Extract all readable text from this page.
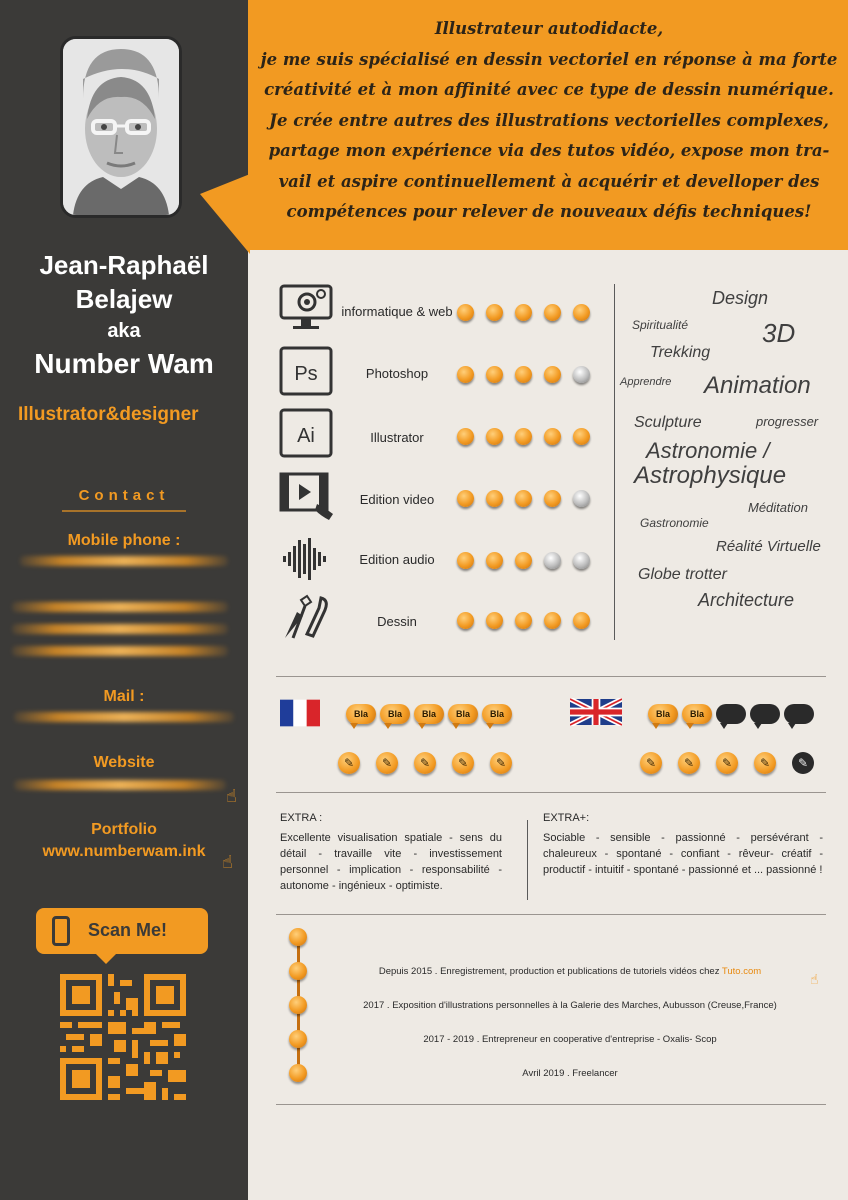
Jean-Raphaël
Belajew
aka
Number Wam
Illustrator&designer
Contact
Mobile phone :
Mail :
Website
☝
Portfolio
www.numberwam.ink
☝
Scan Me!
Illustrateur autodidacte,
je me suis spécialisé en dessin vectoriel en réponse à ma forte
créativité et à mon affinité avec ce type de dessin numérique.
Je crée entre autres des illustrations vectorielles complexes,
partage mon expérience via des tutos vidéo, expose mon tra-
vail et aspire continuellement à acquérir et develloper des
compétences pour relever de nouveaux défis techniques!
informatique & web
Ps	Photoshop
Ai	Illustrator
Edition video
Edition audio
Dessin
Design
Spiritualité	3D
Trekking
Apprendre Animation
Sculpture	progresser
Astronomie /
Astrophysique
Méditation
Gastronomie
Réalité Virtuelle
Globe trotter
Architecture
Bla	Bla	Bla	Bla	Bla
✎	✎	✎	✎	✎
Bla	Bla
✎	✎	✎	✎	✎
EXTRA :
Excellente visualisation spatiale - sens du détail - travaille vite - investissement personnel - implication - responsabilité - autonome - ingénieux - optimiste.
EXTRA+:
Sociable - sensible - passionné - persévérant - chaleureux - spontané - confiant - rêveur- créatif - productif - intuitif - spontané - passionné et ... passionné !
Depuis 2015 . Enregistrement, production et publications de tutoriels vidéos chez Tuto.com
☝
2017 . Exposition d'illustrations personnelles à la Galerie des Marches, Aubusson (Creuse,France)
2017 - 2019 . Entrepreneur en cooperative d'entreprise - Oxalis- Scop
Avril 2019 . Freelancer
